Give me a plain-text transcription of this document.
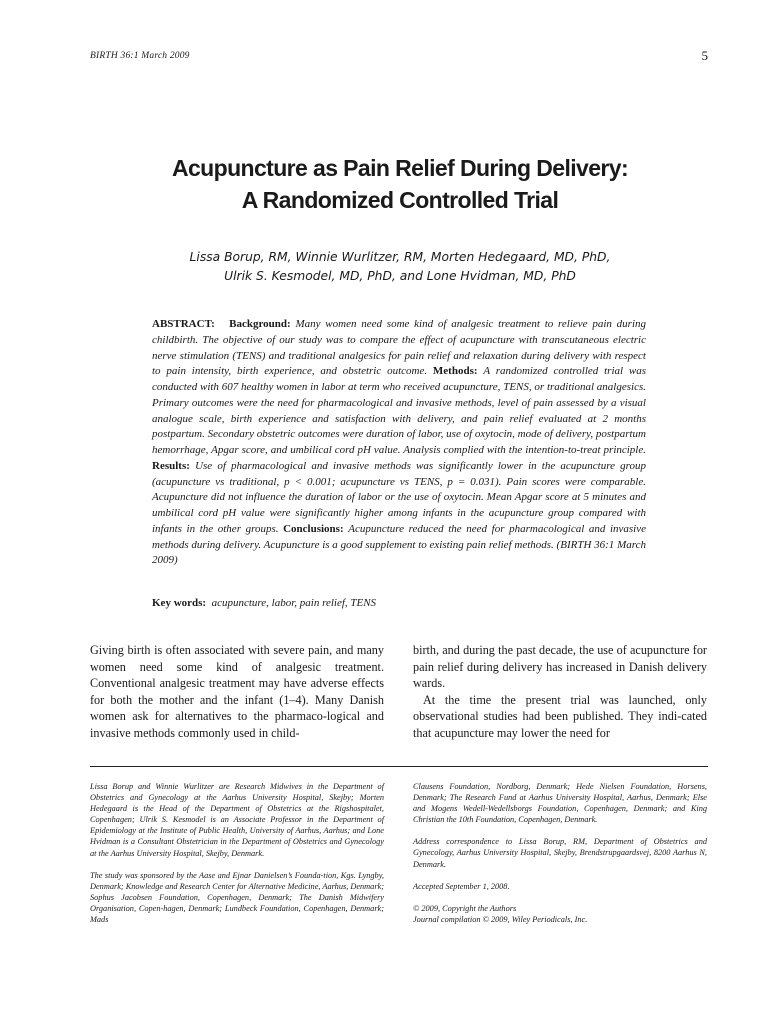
BIRTH 36:1 March 2009	5
Acupuncture as Pain Relief During Delivery:
A Randomized Controlled Trial
Lissa Borup, RM, Winnie Wurlitzer, RM, Morten Hedegaard, MD, PhD,
Ulrik S. Kesmodel, MD, PhD, and Lone Hvidman, MD, PhD
ABSTRACT: Background: Many women need some kind of analgesic treatment to relieve pain during childbirth. The objective of our study was to compare the effect of acupuncture with transcutaneous electric nerve stimulation (TENS) and traditional analgesics for pain relief and relaxation during delivery with respect to pain intensity, birth experience, and obstetric outcome. Methods: A randomized controlled trial was conducted with 607 healthy women in labor at term who received acupuncture, TENS, or traditional analgesics. Primary outcomes were the need for pharmacological and invasive methods, level of pain assessed by a visual analogue scale, birth experience and satisfaction with delivery, and pain relief evaluated at 2 months postpartum. Secondary obstetric outcomes were duration of labor, use of oxytocin, mode of delivery, postpartum hemorrhage, Apgar score, and umbilical cord pH value. Analysis complied with the intention-to-treat principle. Results: Use of pharmacological and invasive methods was significantly lower in the acupuncture group (acupuncture vs traditional, p < 0.001; acupuncture vs TENS, p = 0.031). Pain scores were comparable. Acupuncture did not influence the duration of labor or the use of oxytocin. Mean Apgar score at 5 minutes and umbilical cord pH value were significantly higher among infants in the acupuncture group compared with infants in the other groups. Conclusions: Acupuncture reduced the need for pharmacological and invasive methods during delivery. Acupuncture is a good supplement to existing pain relief methods. (BIRTH 36:1 March 2009)
Key words: acupuncture, labor, pain relief, TENS
Giving birth is often associated with severe pain, and many women need some kind of analgesic treatment. Conventional analgesic treatment may have adverse effects for both the mother and the infant (1–4). Many Danish women ask for alternatives to the pharmaco-logical and invasive methods commonly used in child-
birth, and during the past decade, the use of acupuncture for pain relief during delivery has increased in Danish delivery wards.
At the time the present trial was launched, only observational studies had been published. They indi-cated that acupuncture may lower the need for

Lissa Borup and Winnie Wurlitzer are Research Midwives in the Department of Obstetrics and Gynecology at the Aarhus University Hospital, Skejby; Morten Hedegaard is the Head of the Department of Obstetrics at the Rigshospitalet, Copenhagen; Ulrik S. Kesmodel is an Associate Professor in the Department of Epidemiology at the Institute of Public Health, University of Aarhus, Aarhus; and Lone Hvidman is a Consultant Obstetrician in the Department of Obstetrics and Gynecology at the Aarhus University Hospital, Skejby, Denmark.

The study was sponsored by the Aase and Ejnar Danielsen’s Founda-tion, Kgs. Lyngby, Denmark; Knowledge and Research Center for Alternative Medicine, Aarhus, Denmark; Sophus Jacobsen Foundation, Copenhagen, Denmark; The Danish Midwifery Organisation, Copen-hagen, Denmark; Lundbeck Foundation, Copenhagen, Denmark; Mads

Clausens Foundation, Nordborg, Denmark; Hede Nielsen Foundation, Horsens, Denmark; The Research Fund at Aarhus University Hospital, Aarhus, Denmark; Else and Mogens Wedell-Wedellsborgs Foundation, Copenhagen, Denmark; and King Christian the 10th Foundation, Copenhagen, Denmark.

Address correspondence to Lissa Borup, RM, Department of Obstetrics and Gynecology, Aarhus University Hospital, Skejby, Brendstrupgaardsvej, 8200 Aarhus N, Denmark.

Accepted September 1, 2008.

© 2009, Copyright the Authors
Journal compilation © 2009, Wiley Periodicals, Inc.
